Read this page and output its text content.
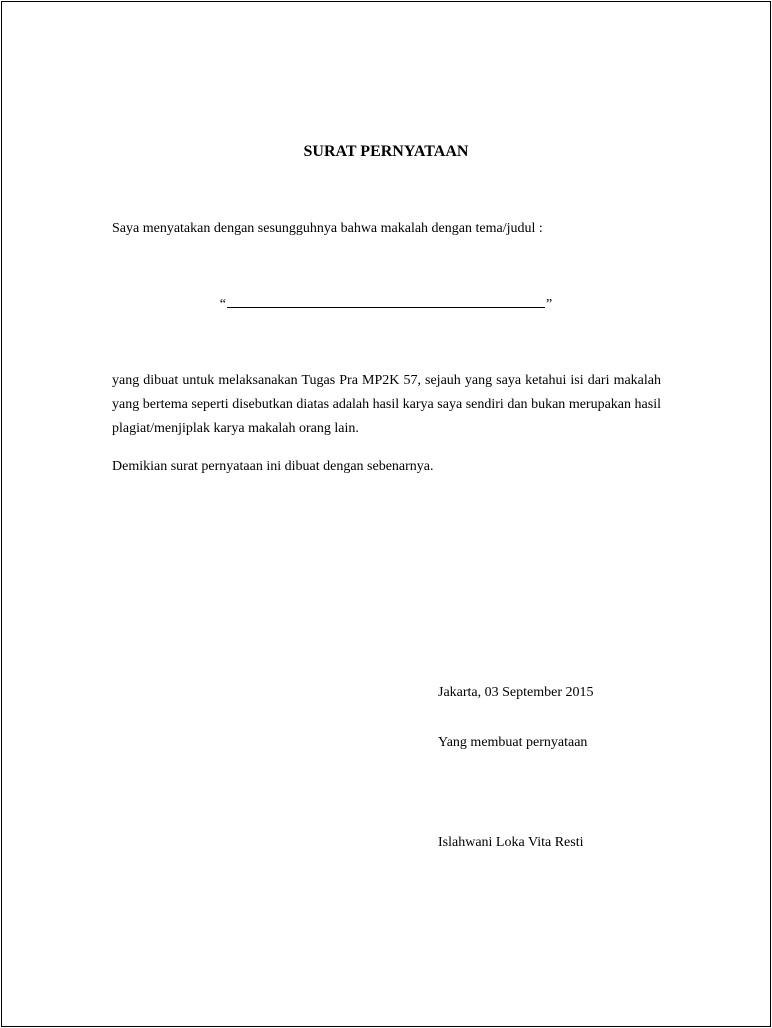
SURAT PERNYATAAN

Saya menyatakan dengan sesungguhnya bahwa makalah dengan tema/judul :

“	”

yang dibuat untuk melaksanakan Tugas Pra MP2K 57, sejauh yang saya ketahui isi dari makalah yang bertema seperti disebutkan diatas adalah hasil karya saya sendiri dan bukan merupakan hasil plagiat/menjiplak karya makalah orang lain.

Demikian surat pernyataan ini dibuat dengan sebenarnya.

Jakarta, 03 September 2015

Yang membuat pernyataan

Islahwani Loka Vita Resti
